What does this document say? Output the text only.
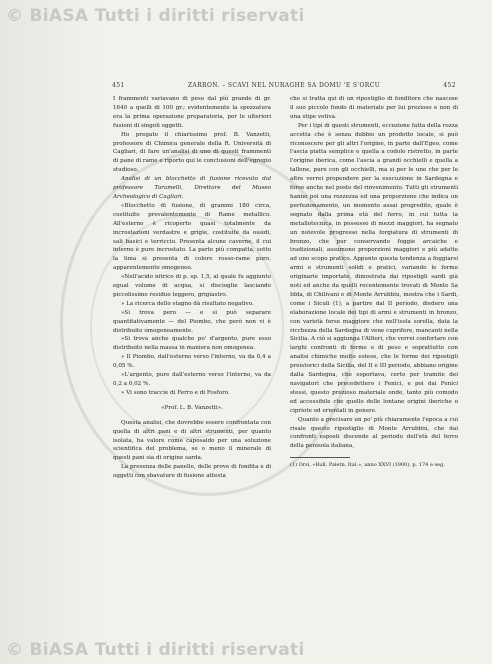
© BiASA Tutti i diritti riservati
© BiASA Tutti i diritti riservati
451	ZARRON. – SCAVI NEL NURAGHE SA DOMU 'E S'ORCU	452

I frammenti variavano di peso dal più grande di gr. 1640 a quelli di 100 gr.; evidentemente la spezzatura era la prima operazione preparatoria, per le ulteriori fusioni di singoli oggetti.

Ho pregato il chiarissimo prof. B. Vanzetti, professore di Chimica generale della R. Università di Cagliari, di fare un'analisi di uno di questi frammenti di pane di rame e riporto qui le conclusioni dell'egregio studioso.

Analisi di un blocchetto di fusione ricevuto dal professore Taramelli, Direttore del Museo Archeologico di Cagliari.

«Blocchetto di fusione, di grammi 180 circa, costituito prevalentemente di Rame metallico. All'esterno è ricoperto quasi totalmente da incrostazioni verdastre e grigie, costituite da ossidi, sali basici e terriccio. Presenta alcune caverne, il cui interno è pure incrostato. La parte più compatta, sotto la lima si presenta di colore rosso-rame puro, apparentemente omogeneo.

«Nell'acido nitrico di p. sp. 1,5, al quale fu aggiunto egual volume di acqua, si discioglie lasciando piccolissimo residuo leggero, grigiastro.

» La ricerca dello stagno dà risultato negativo.

»Si trova pero — e si può separare quantitativamente — del Piombo, che però non vi è distribuito omogeneamente.

»Si trova anche qualche po' d'argento, pure esso distribuito nella massa in maniera non omogenea.

» Il Piombo, dall'esterno verso l'interno, va da 0,4 a 0,05 %.

»L'argento, pure dall'esterno verso l'interno, va da 0,2 a 0,02 %.

» Vi sono traccie di Ferro e di Fosforo.

«Prof. L. B. Vanzetti».

Questa analisi, che dovrebbe essere confrontata con quella di altri pani e di altri strumenti, per quanto isolata, ha valore come caposaldo per una soluzione scientifica del problema, se o meno il minerale di questi pani sia di origine sarda.

La presenza delle panelle, delle prove di fondita e di oggetti con sbavature di fusione attesta

che si tratta qui di un ripostiglio di fonditore che nascose il suo piccolo fondo di materiale per lui prezioso e non di una stipe votiva.

Per i tipi di questi strumenti, eccezione fatta della rozza accetta che è senza dubbio un prodotto locale, si può riconoscere per gli altri l'origine, in parte dall'Egeo, come l'ascia piatta semplice e quella a codolo ristretto, in parte l'origine iberica, come l'ascia a grandi occhielli e quella a tallone, pure con gli occhielli, ma si per le une che per le altre verrei propendere per la esecuzione in Sardegna e forse anche nel posto del rinvenimento. Tutti gli strumenti hanno poi una rozzezza ed una proporzione che indica un perfezionamento, un momento assai progredito, quale è segnato dalla prima età del ferro, in cui tutta la metallotecnica, in possesso di mezzi maggiori, ha segnato un notevole progresso nella forgiatura di strumenti di bronzo, che pur conservando foggie arcaiche e tradizionali, assumono proporzioni maggiori e più adatte ad uno scopo pratico. Appunto questa tendenza a foggiarsi armi e strumenti solidi e pratici, variando le forme originarie importate, dimostrata dai ripostigli sardi già noti ed anche da quelli recentemente trovati di Monte Sa Idda, di Chilivani e di Monte Arrubbiu, mostra che i Sardi, come i Siculi (1), a partire dal II periodo, diedero una elaborazione locale dei tipi di armi e strumenti in bronzo, con varietà forse maggiore che nell'isola sorella, data la ricchezza della Sardegna di vene cuprifere, mancanti nella Sicilia. A ciò si aggiunga l'Alfieri, che verrei confortare con larghi confronti di forme e di peso e soprattutto con analisi chimiche molto estese, che le forme dei ripostigli preistorici della Sicilia, del II e III periodo, abbiano origine dalla Sardegna, che esportava, certo per tramite dei navigatori che precedettero i Fenici, e poi dai Fenici stessi, questo prezioso materiale onde, tanto più comodo ed accessibile che quello delle lontane origini iberiche o cipriote od orientali in genere.

Quanto a precisare un po' più chiaramente l'epoca a cui risale questo ripostiglio di Monte Arrubbiu, che dai confronti esposti discende al periodo dell'età del ferro della penisola italiana,

(1) Orsi, «Bull. Paletn. Ital.», anno XXVI (1900), p. 174 e seg.
